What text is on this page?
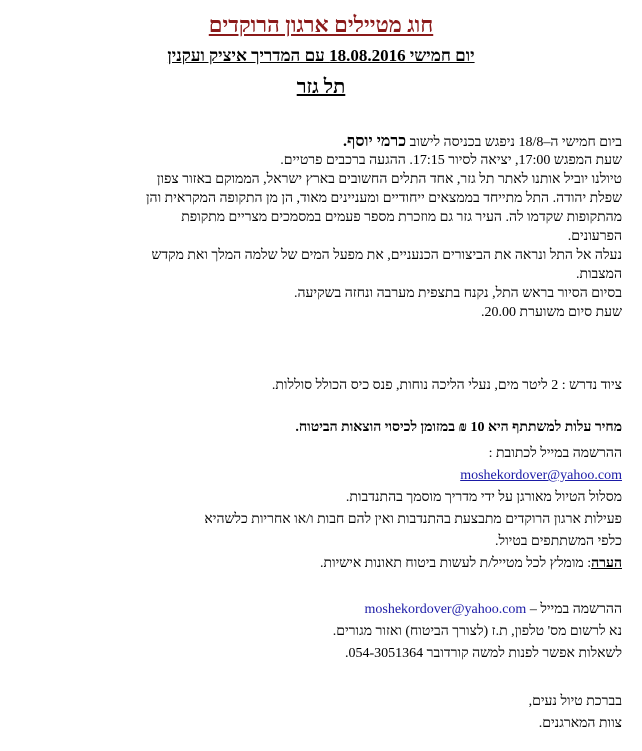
חוג מטיילים ארגון הרוקדים
יום חמישי 18.08.2016 עם המדריך איציק ועקנין
תל גזר
ביום חמישי ה–18/8 ניפגש בכניסה לישוב כרמי יוסף.
שעת המפגש 17:00, יציאה לסיור 17:15. ההגעה ברכבים פרטיים.
טיולנו יוביל אותנו לאתר תל גזר, אחד התלים החשובים בארץ ישראל, הממוקם באזור צפון
שפלת יהודה. התל מתייחד בממצאים ייחודיים ומעניינים מאוד, הן מן התקופה המקראית והן
מהתקופות שקדמו לה. העיר גזר גם מוזכרת מספר פעמים במסמכים מצריים מתקופת
הפרעונים.
נעלה אל התל ונראה את הביצורים הכנעניים, את מפעל המים של שלמה המלך ואת מקדש
המצבות.
בסיום הסיור בראש התל, נקנח בתצפית מערבה ונחזה בשקיעה.
שעת סיום משוערת 20.00.
ציוד נדרש : 2 ליטר מים, נעלי הליכה נוחות, פנס כיס הכולל סוללות.
מחיר עלות למשתתף היא 10 ₪ במזומן לכיסוי הוצאות הביטוח.
ההרשמה במייל לכתובת :
moshekordover@yahoo.com
מסלול הטיול מאורגן על ידי מדריך מוסמך בהתנדבות.
פעילות ארגון הרוקדים מתבצעת בהתנדבות ואין להם חבות ו/או אחריות כלשהיא
כלפי המשתתפים בטיול.
הערה: מומלץ לכל מטייל/ת לעשות ביטוח תאונות אישיות.
ההרשמה במייל – moshekordover@yahoo.com
נא לרשום מס' טלפון, ת.ז (לצורך הביטוח) ואזור מגורים.
לשאלות אפשר לפנות למשה קורדובר 054-3051364.
בברכת טיול נעים,
צוות המארגנים.
